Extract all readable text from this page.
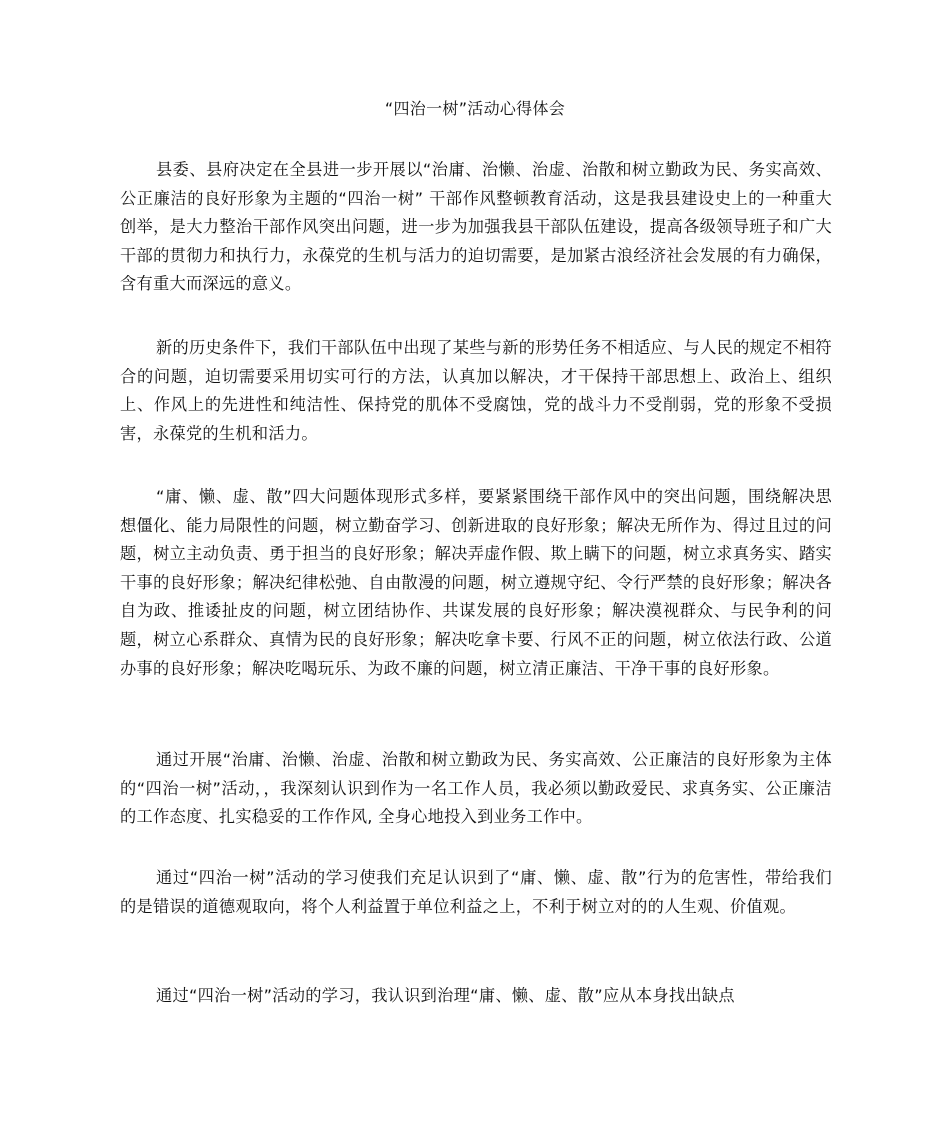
“四治一树”活动心得体会

县委、县府决定在全县进一步开展以“治庸、治懒、治虚、治散和树立勤政为民、务实高效、公正廉洁的良好形象为主题的“四治一树” 干部作风整顿教育活动，这是我县建设史上的一种重大创举，是大力整治干部作风突出问题，进一步为加强我县干部队伍建设，提高各级领导班子和广大干部的贯彻力和执行力，永葆党的生机与活力的迫切需要，是加紧古浪经济社会发展的有力确保，含有重大而深远的意义。

新的历史条件下，我们干部队伍中出现了某些与新的形势任务不相适应、与人民的规定不相符合的问题，迫切需要采用切实可行的方法，认真加以解决，才干保持干部思想上、政治上、组织上、作风上的先进性和纯洁性、保持党的肌体不受腐蚀，党的战斗力不受削弱，党的形象不受损害，永葆党的生机和活力。

“庸、懒、虚、散”四大问题体现形式多样，要紧紧围绕干部作风中的突出问题，围绕解决思想僵化、能力局限性的问题，树立勤奋学习、创新进取的良好形象；解决无所作为、得过且过的问题，树立主动负责、勇于担当的良好形象；解决弄虚作假、欺上瞒下的问题，树立求真务实、踏实干事的良好形象；解决纪律松弛、自由散漫的问题，树立遵规守纪、令行严禁的良好形象；解决各自为政、推诿扯皮的问题，树立团结协作、共谋发展的良好形象；解决漠视群众、与民争利的问题，树立心系群众、真情为民的良好形象；解决吃拿卡要、行风不正的问题，树立依法行政、公道办事的良好形象；解决吃喝玩乐、为政不廉的问题，树立清正廉洁、干净干事的良好形象。

通过开展“治庸、治懒、治虚、治散和树立勤政为民、务实高效、公正廉洁的良好形象为主体的“四治一树”活动，，我深刻认识到作为一名工作人员，我必须以勤政爱民、求真务实、公正廉洁的工作态度、扎实稳妥的工作作风, 全身心地投入到业务工作中。

通过“四治一树”活动的学习使我们充足认识到了“庸、懒、虚、散”行为的危害性，带给我们的是错误的道德观取向，将个人利益置于单位利益之上，不利于树立对的的人生观、价值观。

通过“四治一树”活动的学习，我认识到治理“庸、懒、虚、散”应从本身找出缺点
